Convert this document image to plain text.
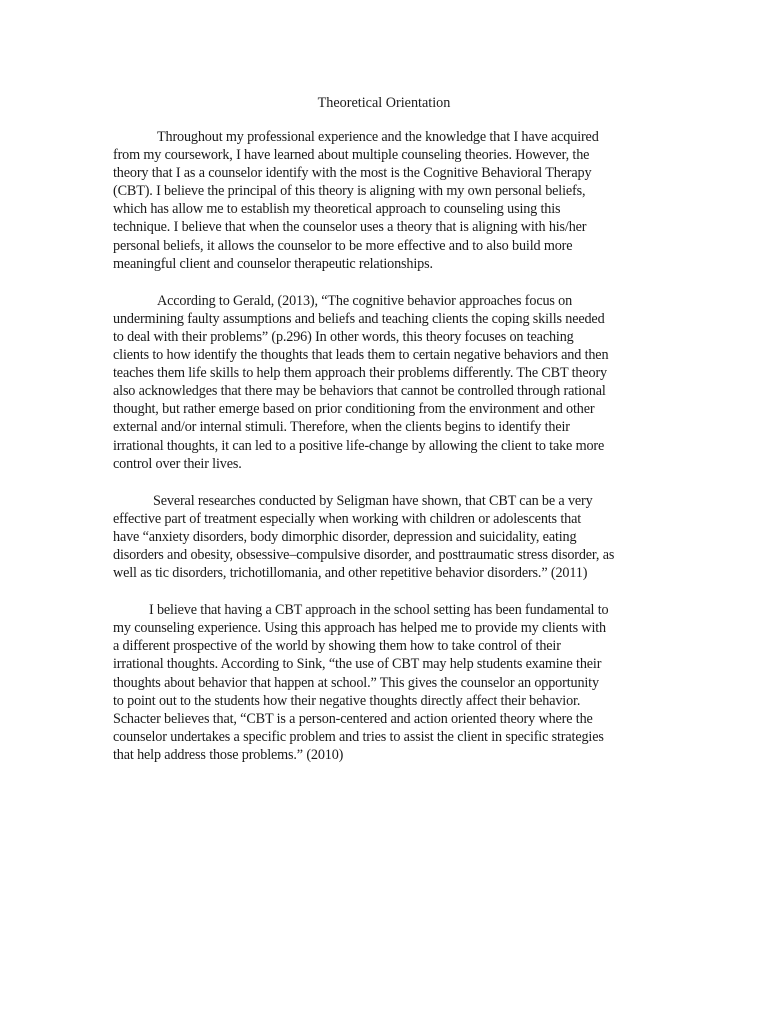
Theoretical Orientation

Throughout my professional experience and the knowledge that I have acquired
from my coursework, I have learned about multiple counseling theories. However, the
theory that I as a counselor identify with the most is the Cognitive Behavioral Therapy
(CBT). I believe the principal of this theory is aligning with my own personal beliefs,
which has allow me to establish my theoretical approach to counseling using this
technique. I believe that when the counselor uses a theory that is aligning with his/her
personal beliefs, it allows the counselor to be more effective and to also build more
meaningful client and counselor therapeutic relationships.

According to Gerald, (2013), “The cognitive behavior approaches focus on
undermining faulty assumptions and beliefs and teaching clients the coping skills needed
to deal with their problems” (p.296) In other words, this theory focuses on teaching
clients to how identify the thoughts that leads them to certain negative behaviors and then
teaches them life skills to help them approach their problems differently. The CBT theory
also acknowledges that there may be behaviors that cannot be controlled through rational
thought, but rather emerge based on prior conditioning from the environment and other
external and/or internal stimuli. Therefore, when the clients begins to identify their
irrational thoughts, it can led to a positive life-change by allowing the client to take more
control over their lives.

Several researches conducted by Seligman have shown, that CBT can be a very
effective part of treatment especially when working with children or adolescents that
have “anxiety disorders, body dimorphic disorder, depression and suicidality, eating
disorders and obesity, obsessive–compulsive disorder, and posttraumatic stress disorder, as
well as tic disorders, trichotillomania, and other repetitive behavior disorders.” (2011)

I believe that having a CBT approach in the school setting has been fundamental to
my counseling experience. Using this approach has helped me to provide my clients with
a different prospective of the world by showing them how to take control of their
irrational thoughts. According to Sink, “the use of CBT may help students examine their
thoughts about behavior that happen at school.” This gives the counselor an opportunity
to point out to the students how their negative thoughts directly affect their behavior.
Schacter believes that, “CBT is a person-centered and action oriented theory where the
counselor undertakes a specific problem and tries to assist the client in specific strategies
that help address those problems.” (2010)
